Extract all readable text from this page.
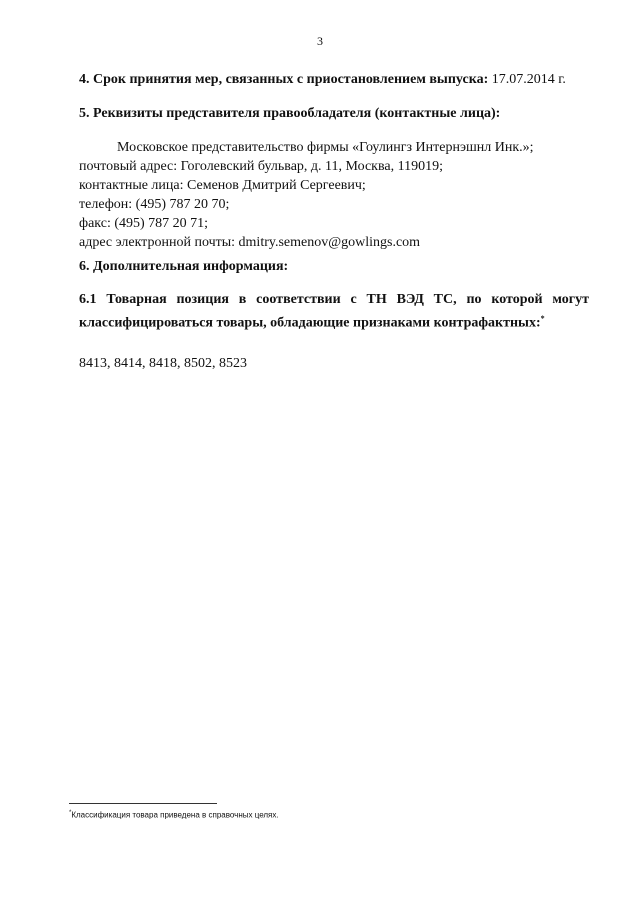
3
4. Срок принятия мер, связанных с приостановлением выпуска: 17.07.2014 г.
5. Реквизиты представителя правообладателя (контактные лица):
Московское представительство фирмы «Гоулингз Интернэшнл Инк.»;
почтовый адрес: Гоголевский бульвар, д. 11, Москва, 119019;
контактные лица: Семенов Дмитрий Сергеевич;
телефон: (495) 787 20 70;
факс: (495) 787 20 71;
адрес электронной почты: dmitry.semenov@gowlings.com
6. Дополнительная информация:
6.1 Товарная позиция в соответствии с ТН ВЭД ТС, по которой могут
классифицироваться товары, обладающие признаками контрафактных:*
8413, 8414, 8418, 8502, 8523
*Классификация товара приведена в справочных целях.
